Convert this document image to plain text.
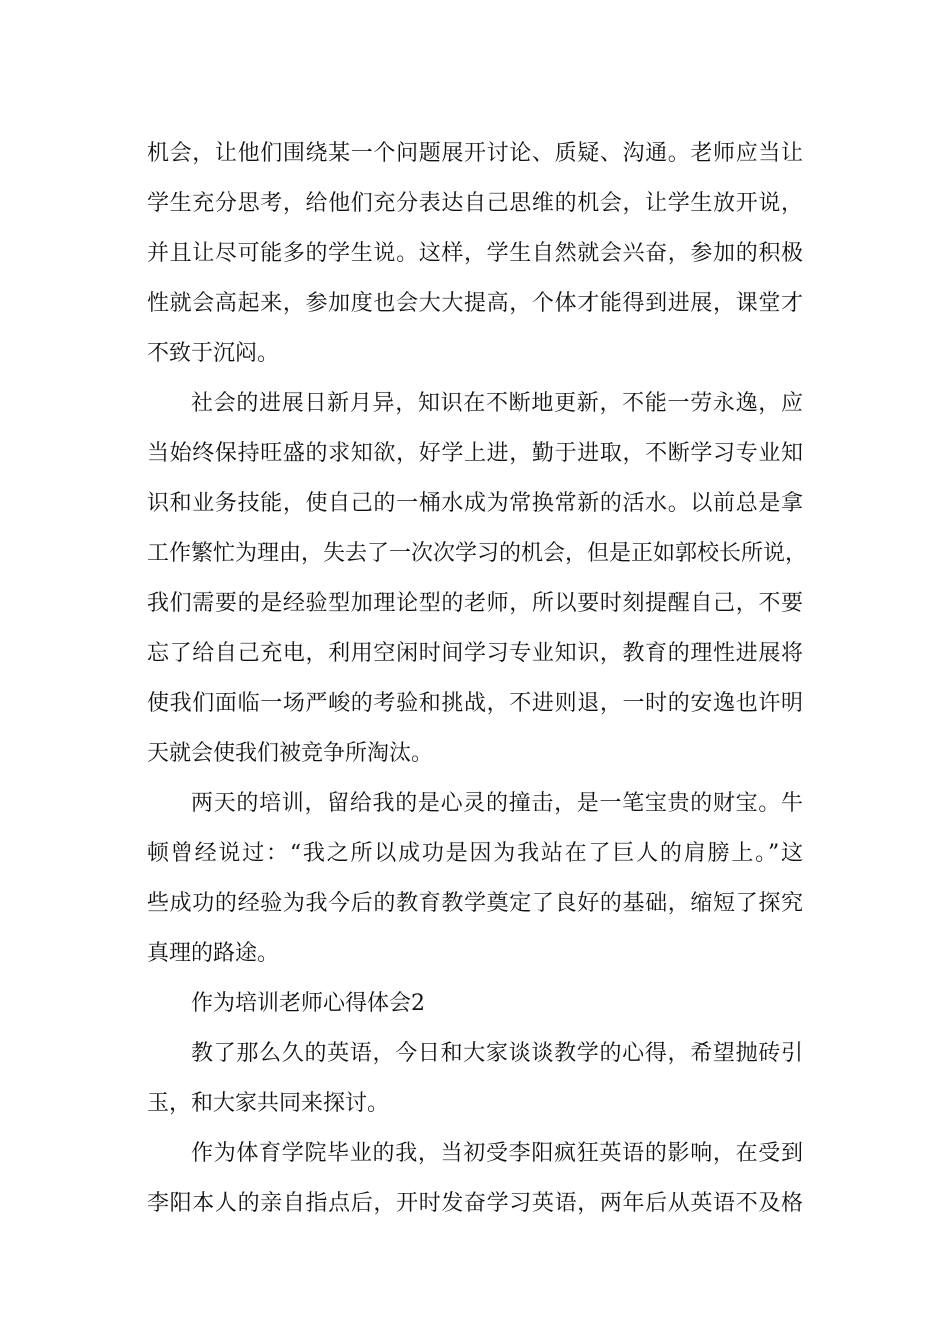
机会，让他们围绕某一个问题展开讨论、质疑、沟通。老师应当让
学生充分思考，给他们充分表达自己思维的机会，让学生放开说，
并且让尽可能多的学生说。这样，学生自然就会兴奋，参加的积极
性就会高起来，参加度也会大大提高，个体才能得到进展，课堂才
不致于沉闷。
社会的进展日新月异，知识在不断地更新，不能一劳永逸，应
当始终保持旺盛的求知欲，好学上进，勤于进取，不断学习专业知
识和业务技能，使自己的一桶水成为常换常新的活水。以前总是拿
工作繁忙为理由，失去了一次次学习的机会，但是正如郭校长所说，
我们需要的是经验型加理论型的老师，所以要时刻提醒自己，不要
忘了给自己充电，利用空闲时间学习专业知识，教育的理性进展将
使我们面临一场严峻的考验和挑战，不进则退，一时的安逸也许明
天就会使我们被竞争所淘汰。
两天的培训，留给我的是心灵的撞击，是一笔宝贵的财宝。牛
顿曾经说过：“我之所以成功是因为我站在了巨人的肩膀上。”这
些成功的经验为我今后的教育教学奠定了良好的基础，缩短了探究
真理的路途。
作为培训老师心得体会2
教了那么久的英语，今日和大家谈谈教学的心得，希望抛砖引
玉，和大家共同来探讨。
作为体育学院毕业的我，当初受李阳疯狂英语的影响，在受到
李阳本人的亲自指点后，开时发奋学习英语，两年后从英语不及格
